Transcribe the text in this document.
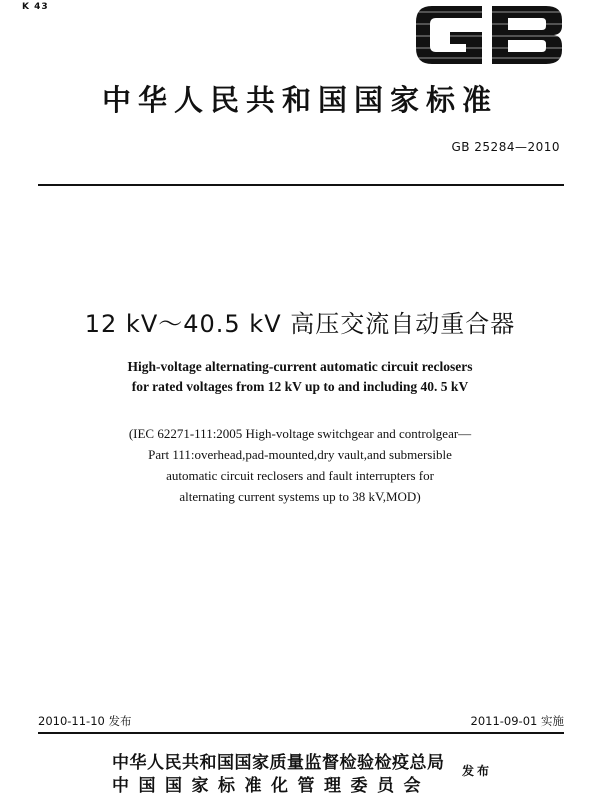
K 43
中华人民共和国国家标准
GB 25284—2010
12 kV～40.5 kV 高压交流自动重合器
High-voltage alternating-current automatic circuit reclosers
for rated voltages from 12 kV up to and including 40. 5 kV
(IEC 62271-111:2005 High-voltage switchgear and controlgear—
Part 111:overhead,pad-mounted,dry vault,and submersible
automatic circuit reclosers and fault interrupters for
alternating current systems up to 38 kV,MOD)
2010-11-10 发布	2011-09-01 实施
中华人民共和国国家质量监督检验检疫总局
中国国家标准化管理委员会
发布
